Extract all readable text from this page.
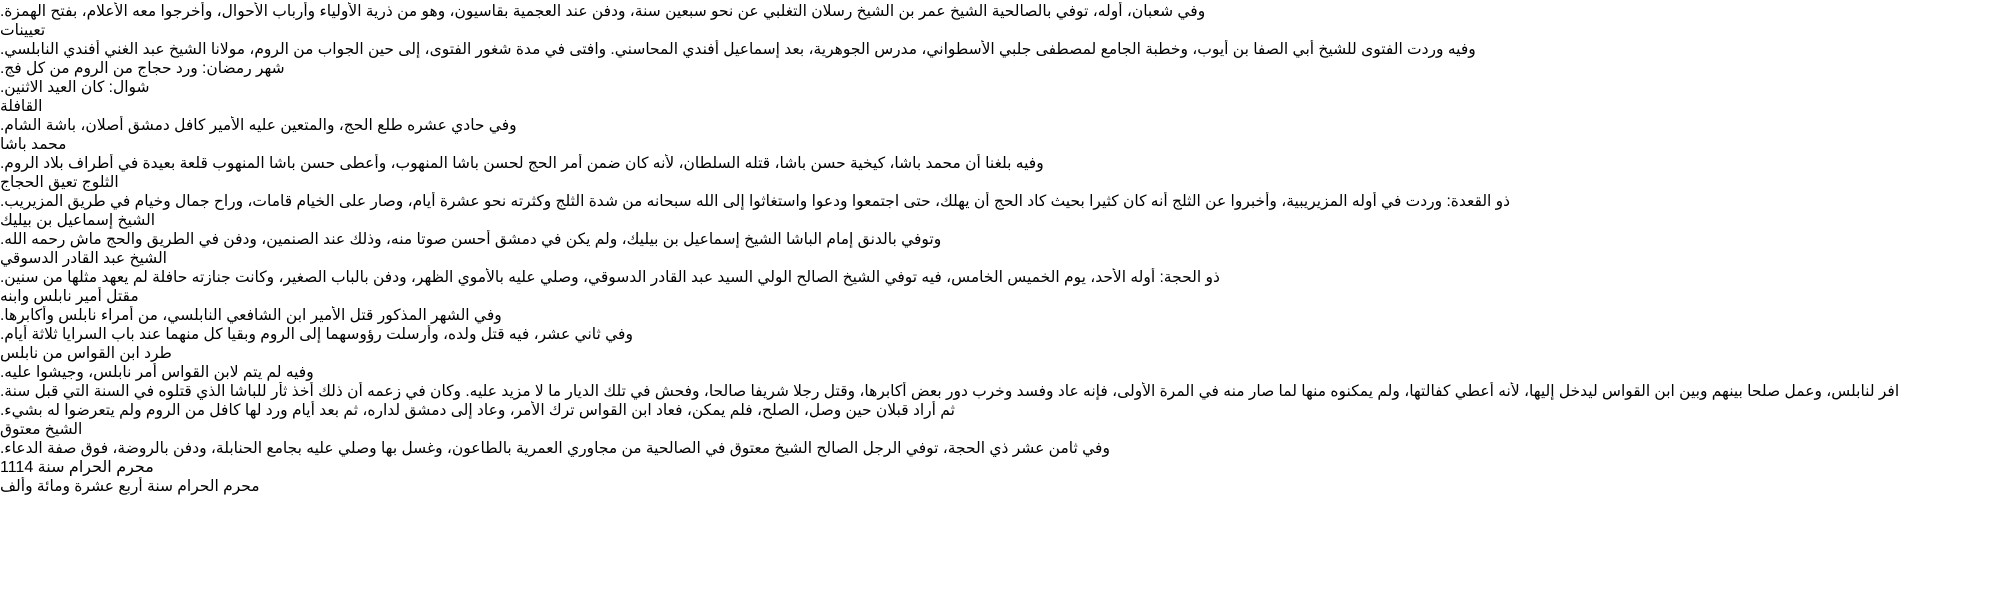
وفي شعبان، أوله، توفي بالصالحية الشيخ عمر بن الشيخ رسلان التغلبي عن نحو سبعين سنة، ودفن عند العجمية بقاسيون، وهو من ذرية الأولياء وأرباب الأحوال، وأخرجوا معه الأعلام، بفتح الهمزة.
تعيينات
وفيه وردت الفتوى للشيخ أبي الصفا بن أيوب، وخطبة الجامع لمصطفى جلبي الأسطواني، مدرس الجوهرية، بعد إسماعيل أفندي المحاسني. وافتى في مدة شغور الفتوى، إلى حين الجواب من الروم، مولانا الشيخ عبد الغني أفندي النابلسي.
شهر رمضان: ورد حجاج من الروم من كل فج.
شوال: كان العيد الاثنين.
القافلة
وفي حادي عشره طلع الحج، والمتعين عليه الأمير كافل دمشق أصلان، باشة الشام.
محمد باشا
وفيه بلغنا أن محمد باشا، كيخية حسن باشا، قتله السلطان، لأنه كان ضمن أمر الحج لحسن باشا المنهوب، وأعطى حسن باشا المنهوب قلعة بعيدة في أطراف بلاد الروم.
الثلوج تعيق الحجاج
ذو القعدة: وردت في أوله المزيريبية، وأخبروا عن الثلج أنه كان كثيرا بحيث كاد الحج أن يهلك، حتى اجتمعوا ودعوا واستغاثوا إلى الله سبحانه من شدة الثلج وكثرته نحو عشرة أيام، وصار على الخيام قامات، وراح جمال وخيام في طريق المزيريب.
الشيخ إسماعيل بن بيليك
وتوفي بالدنق إمام الباشا الشيخ إسماعيل بن بيليك، ولم يكن في دمشق أحسن صوتا منه، وذلك عند الصنمين، ودفن في الطريق والحج ماش رحمه الله.
الشيخ عبد القادر الدسوقي
ذو الحجة: أوله الأحد، يوم الخميس الخامس، فيه توفي الشيخ الصالح الولي السيد عبد القادر الدسوقي، وصلي عليه بالأموي الظهر، ودفن بالباب الصغير، وكانت جنازته حافلة لم يعهد مثلها من سنين.
مقتل أمير نابلس وابنه
وفي الشهر المذكور قتل الأمير ابن الشافعي النابلسي، من أمراء نابلس وأكابرها.
وفي ثاني عشر، فيه قتل ولده، وأرسلت رؤوسهما إلى الروم وبقيا كل منهما عند باب السرايا ثلاثة أيام.
طرد ابن القواس من نابلس
وفيه لم يتم لابن القواس أمر نابلس، وجيشوا عليه.
افر لنابلس، وعمل صلحا بينهم وبين ابن القواس ليدخل إليها، لأنه أعطي كفالتها، ولم يمكنوه منها لما صار منه في المرة الأولى، فإنه عاد وفسد وخرب دور بعض أكابرها، وقتل رجلا شريفا صالحا، وفحش في تلك الديار ما لا مزيد عليه. وكان في زعمه أن ذلك أخذ ثأر للباشا الذي قتلوه في السنة التي قبل سنة.
ثم أراد قبلان حين وصل، الصلح، فلم يمكن، فعاد ابن القواس ترك الأمر، وعاد إلى دمشق لداره، ثم بعد أيام ورد لها كافل من الروم ولم يتعرضوا له بشيء.
الشيخ معتوق
وفي ثامن عشر ذي الحجة، توفي الرجل الصالح الشيخ معتوق في الصالحية من مجاوري العمرية بالطاعون، وغسل بها وصلي عليه بجامع الحنابلة، ودفن بالروضة، فوق صفة الدعاء.
محرم الحرام سنة 1114
محرم الحرام سنة أربع عشرة ومائة وألف
